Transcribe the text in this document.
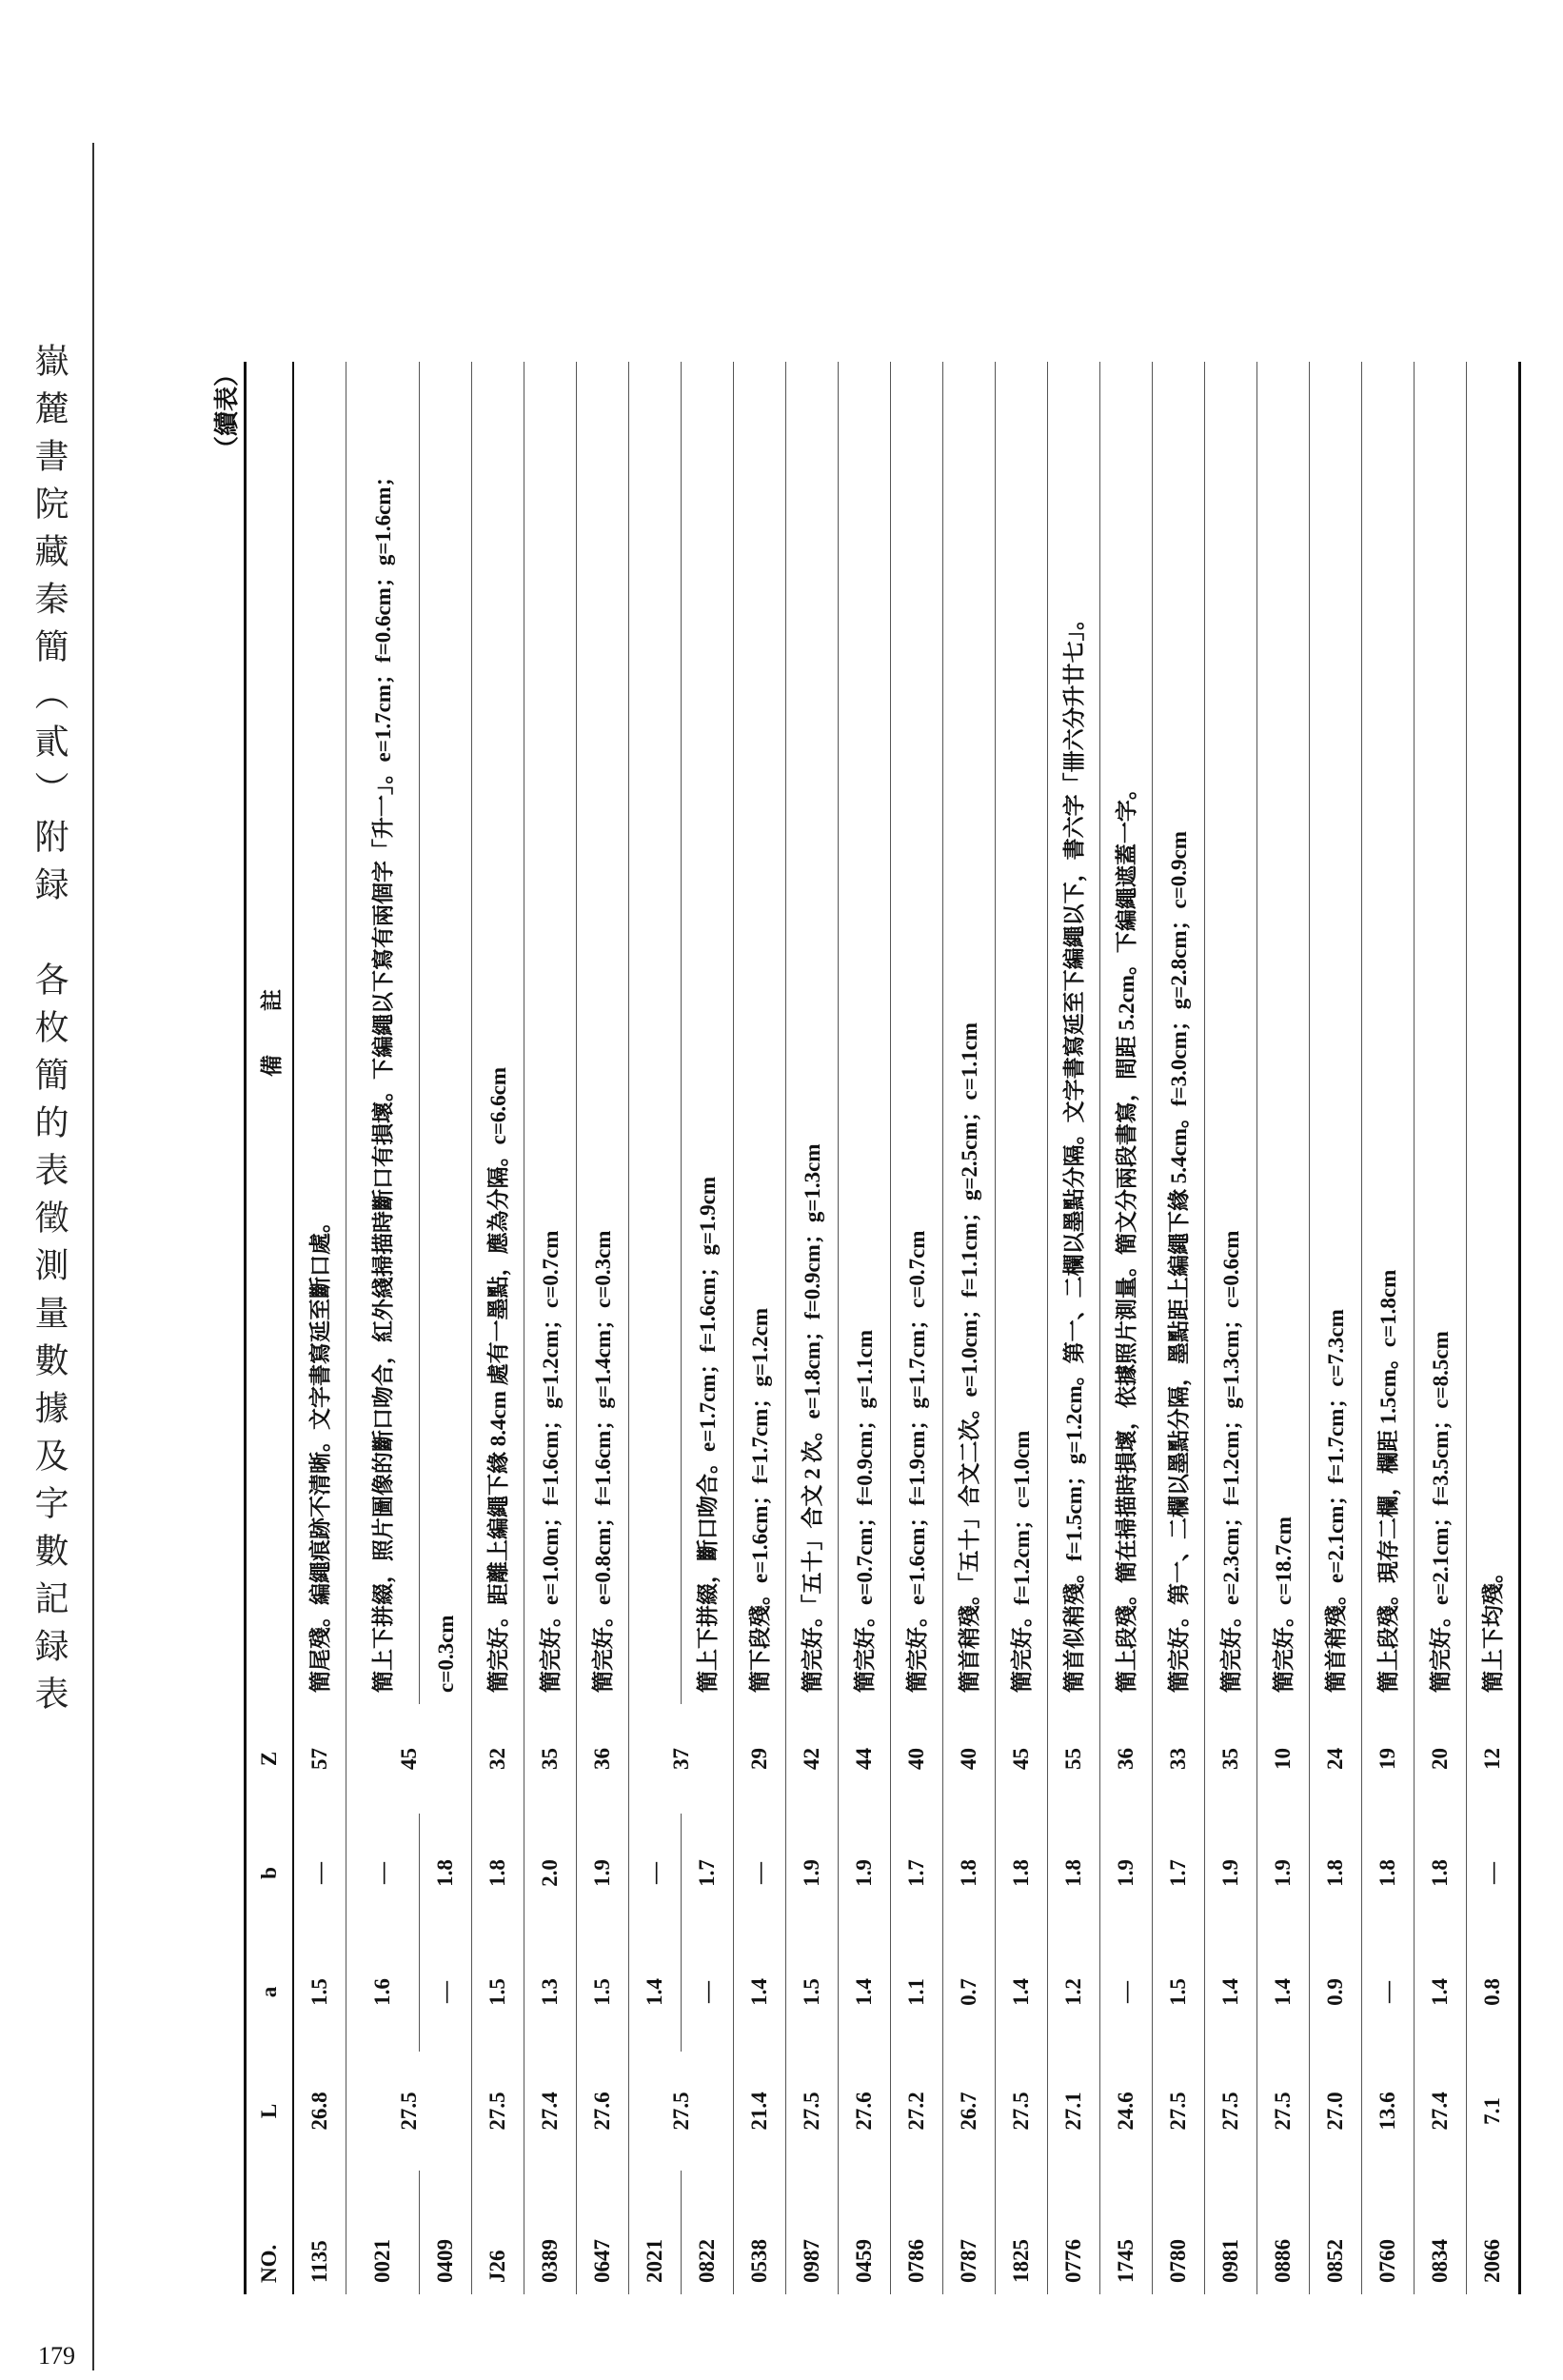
嶽麓書院藏秦簡（貳）附録　各枚簡的表徵測量數據及字數記録表
179
（續表）
NO.	L	a	b	Z	備　　註
1135	26.8	1.5	—	57	簡尾殘。編繩痕跡不清晰。文字書寫延至斷口處。
0021	27.5	1.6	—	45	簡上下拼綴，照片圖像的斷口吻合，紅外綫掃描時斷口有損壞。下編繩以下寫有兩個字「升一」。e=1.7cm；f=0.6cm；g=1.6cm；
0409		—	1.8		c=0.3cm
J26	27.5	1.5	1.8	32	簡完好。距離上編繩下緣 8.4cm 處有一墨點，應為分隔。c=6.6cm
0389	27.4	1.3	2.0	35	簡完好。e=1.0cm；f=1.6cm；g=1.2cm；c=0.7cm
0647	27.6	1.5	1.9	36	簡完好。e=0.8cm；f=1.6cm；g=1.4cm；c=0.3cm
2021	27.5	1.4	—	37	
0822		—	1.7		簡上下拼綴，斷口吻合。e=1.7cm；f=1.6cm；g=1.9cm
0538	21.4	1.4	—	29	簡下段殘。e=1.6cm；f=1.7cm；g=1.2cm
0987	27.5	1.5	1.9	42	簡完好。「五十」合文 2 次。e=1.8cm；f=0.9cm；g=1.3cm
0459	27.6	1.4	1.9	44	簡完好。e=0.7cm；f=0.9cm；g=1.1cm
0786	27.2	1.1	1.7	40	簡完好。e=1.6cm；f=1.9cm；g=1.7cm；c=0.7cm
0787	26.7	0.7	1.8	40	簡首稍殘。「五十」合文二次。e=1.0cm；f=1.1cm；g=2.5cm；c=1.1cm
1825	27.5	1.4	1.8	45	簡完好。f=1.2cm；c=1.0cm
0776	27.1	1.2	1.8	55	簡首似稍殘。f=1.5cm；g=1.2cm。第一、二欄以墨點分隔。文字書寫延至下編繩以下，書六字「卌六分升廿七」。
1745	24.6	—	1.9	36	簡上段殘。簡在掃描時損壞，依據照片測量。簡文分兩段書寫，間距 5.2cm。下編繩遮蓋一字。
0780	27.5	1.5	1.7	33	簡完好。第一、二欄以墨點分隔，墨點距上編繩下緣 5.4cm。f=3.0cm；g=2.8cm；c=0.9cm
0981	27.5	1.4	1.9	35	簡完好。e=2.3cm；f=1.2cm；g=1.3cm；c=0.6cm
0886	27.5	1.4	1.9	10	簡完好。c=18.7cm
0852	27.0	0.9	1.8	24	簡首稍殘。e=2.1cm；f=1.7cm；c=7.3cm
0760	13.6	—	1.8	19	簡上段殘。現存二欄，欄距 1.5cm。c=1.8cm
0834	27.4	1.4	1.8	20	簡完好。e=2.1cm；f=3.5cm；c=8.5cm
2066	7.1	0.8	—	12	簡上下均殘。
